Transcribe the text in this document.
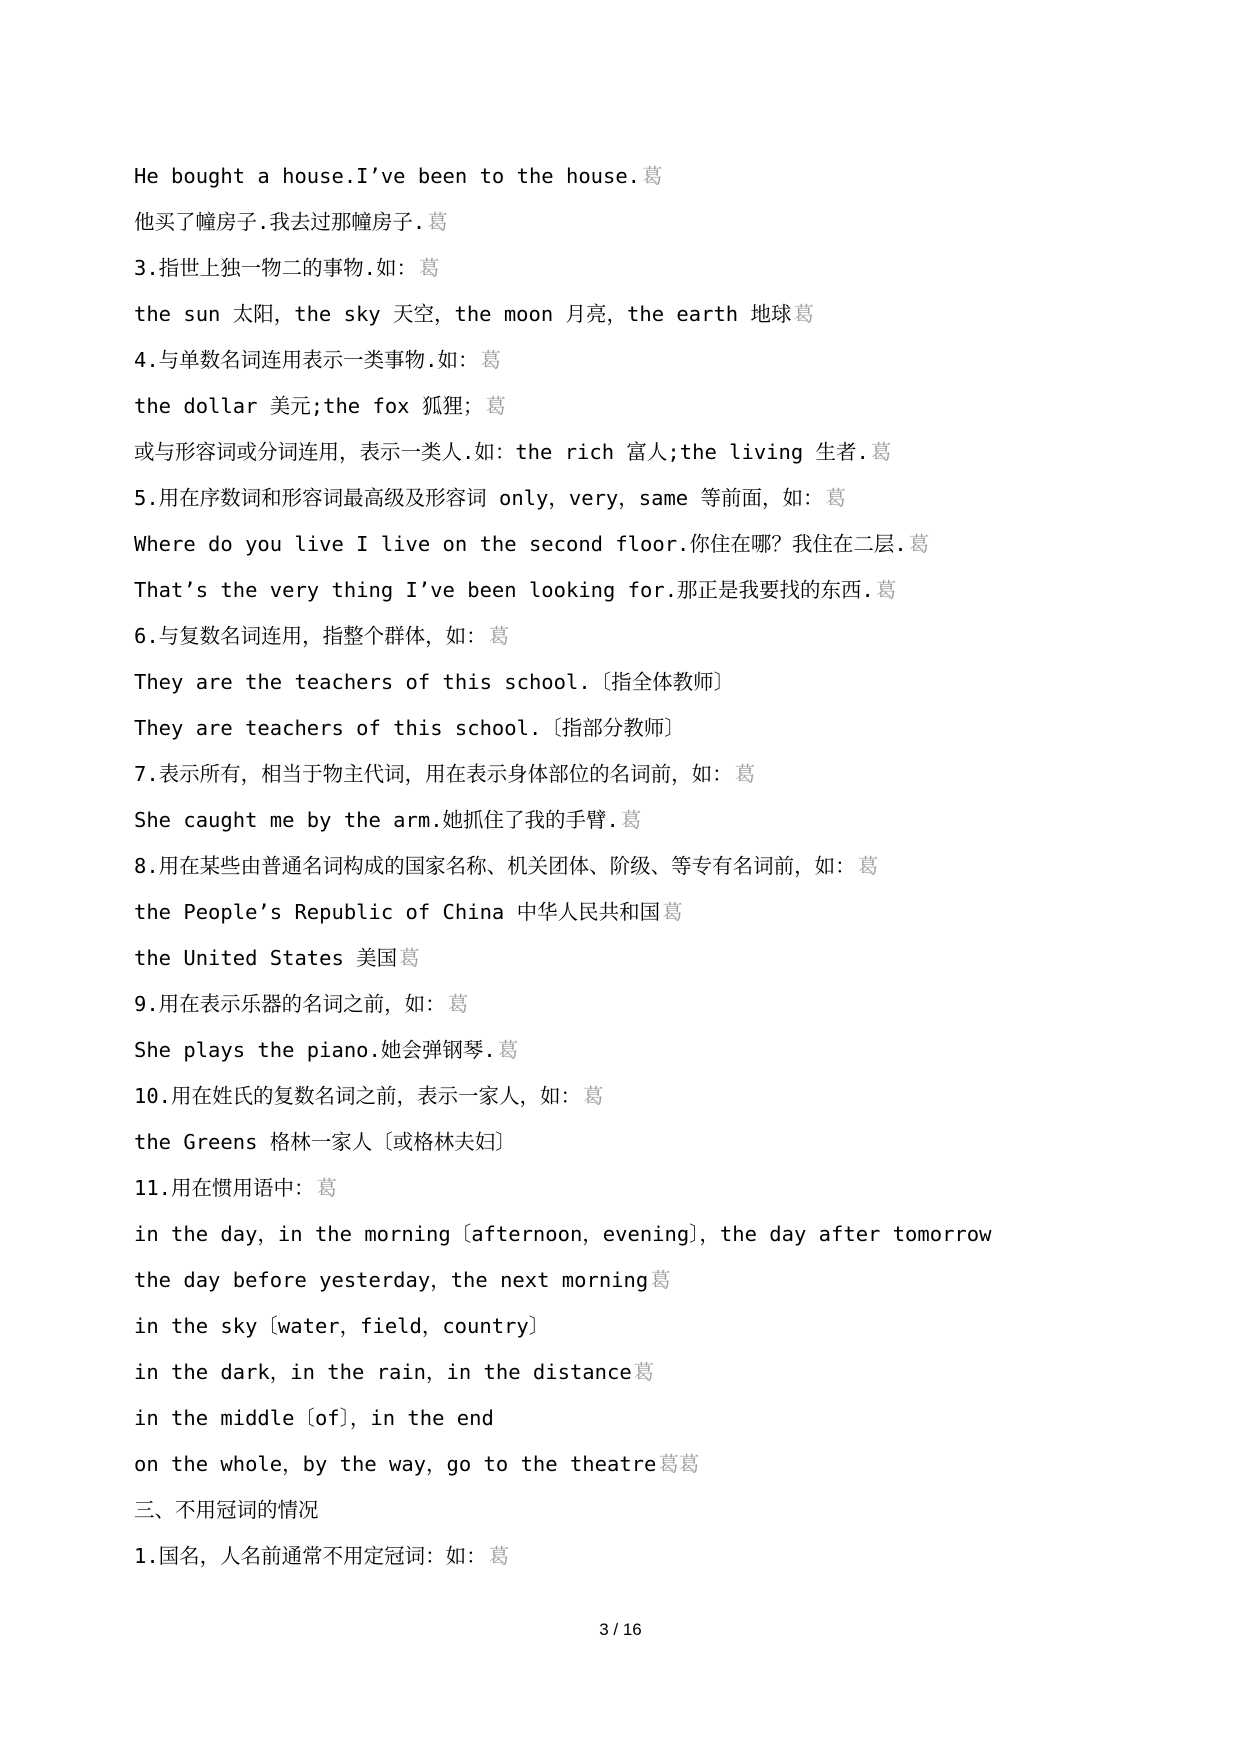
He bought a house.I’ve been to the house.葛
他买了幢房子.我去过那幢房子.葛
3.指世上独一物二的事物.如：葛
the sun 太阳，the sky 天空，the moon 月亮，the earth 地球葛
4.与单数名词连用表示一类事物.如：葛
the dollar 美元;the fox 狐狸；葛
或与形容词或分词连用，表示一类人.如：the rich 富人;the living 生者.葛
5.用在序数词和形容词最高级及形容词 only，very，same 等前面，如：葛
Where do you live I live on the second floor.你住在哪？我住在二层.葛
That’s the very thing I’ve been looking for.那正是我要找的东西.葛
6.与复数名词连用，指整个群体，如：葛
They are the teachers of this school.〔指全体教师〕
They are teachers of this school.〔指部分教师〕
7.表示所有，相当于物主代词，用在表示身体部位的名词前，如：葛
She caught me by the arm.她抓住了我的手臂.葛
8.用在某些由普通名词构成的国家名称、机关团体、阶级、等专有名词前，如：葛
the People’s Republic of China 中华人民共和国葛
the United States 美国葛
9.用在表示乐器的名词之前，如：葛
She plays the piano.她会弹钢琴.葛
10.用在姓氏的复数名词之前，表示一家人，如：葛
the Greens 格林一家人〔或格林夫妇〕
11.用在惯用语中：葛
in the day，in the morning〔afternoon，evening〕，the day after tomorrow
the day before yesterday，the next morning葛
in the sky〔water，field，country〕
in the dark，in the rain，in the distance葛
in the middle〔of〕，in the end
on the whole，by the way，go to the theatre葛葛
三、不用冠词的情况
1.国名，人名前通常不用定冠词：如：葛
3 / 16
